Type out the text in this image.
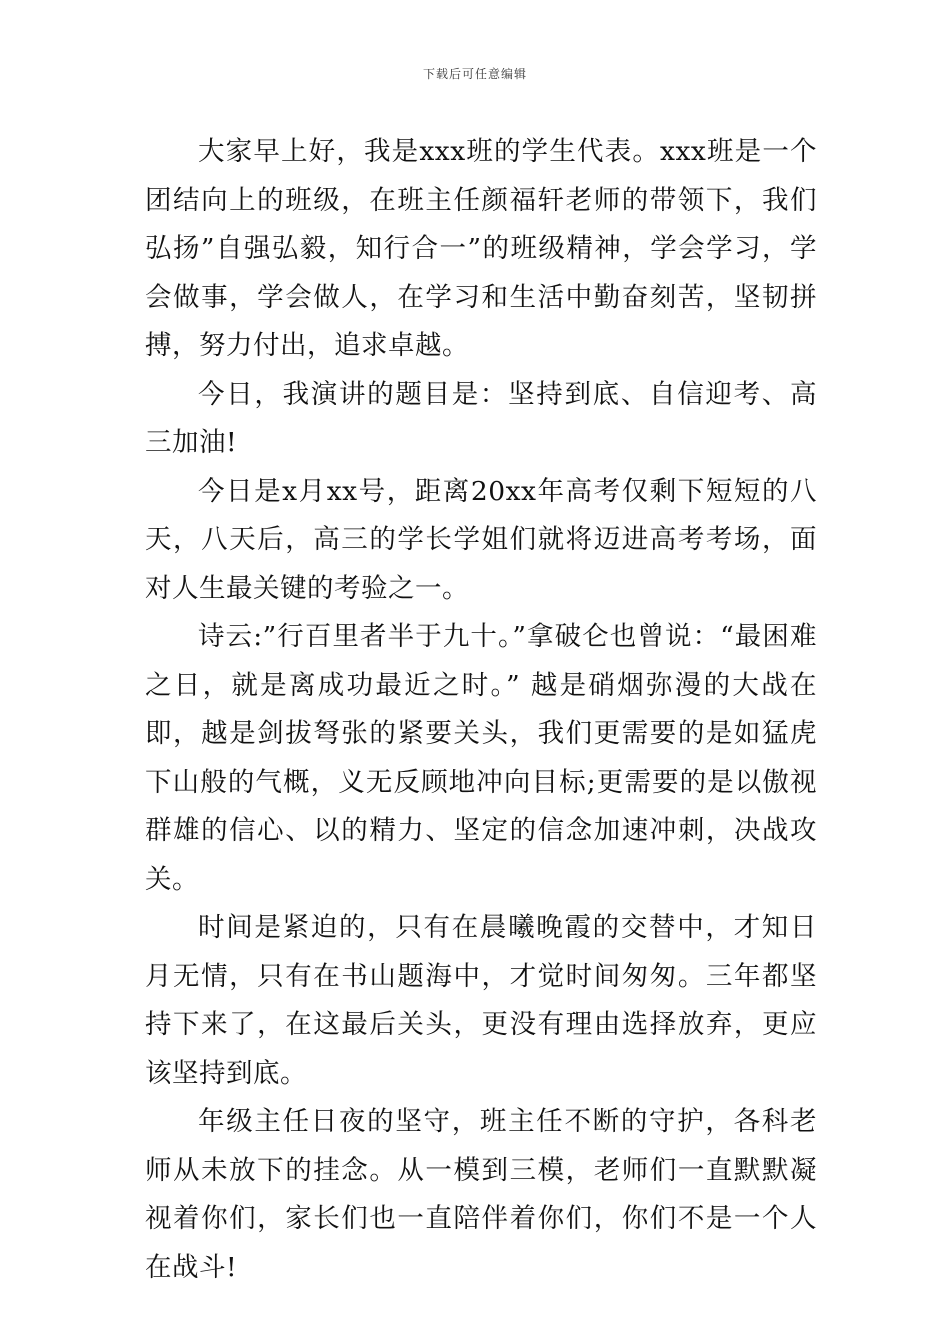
下载后可任意编辑

大家早上好，我是xxx班的学生代表。xxx班是一个团结向上的班级，在班主任颜福轩老师的带领下，我们弘扬”自强弘毅，知行合一”的班级精神，学会学习，学会做事，学会做人，在学习和生活中勤奋刻苦，坚韧拼搏，努力付出，追求卓越。

今日，我演讲的题目是：坚持到底、自信迎考、高三加油!

今日是x月xx号，距离20xx年高考仅剩下短短的八天，八天后，高三的学长学姐们就将迈进高考考场，面对人生最关键的考验之一。

诗云:”行百里者半于九十。”拿破仑也曾说：“最困难之日，就是离成功最近之时。” 越是硝烟弥漫的大战在即，越是剑拔弩张的紧要关头，我们更需要的是如猛虎下山般的气概，义无反顾地冲向目标;更需要的是以傲视群雄的信心、以的精力、坚定的信念加速冲刺，决战攻关。

时间是紧迫的，只有在晨曦晚霞的交替中，才知日月无情，只有在书山题海中，才觉时间匆匆。三年都坚持下来了，在这最后关头，更没有理由选择放弃，更应该坚持到底。

年级主任日夜的坚守，班主任不断的守护，各科老师从未放下的挂念。从一模到三模，老师们一直默默凝视着你们，家长们也一直陪伴着你们，你们不是一个人在战斗!
